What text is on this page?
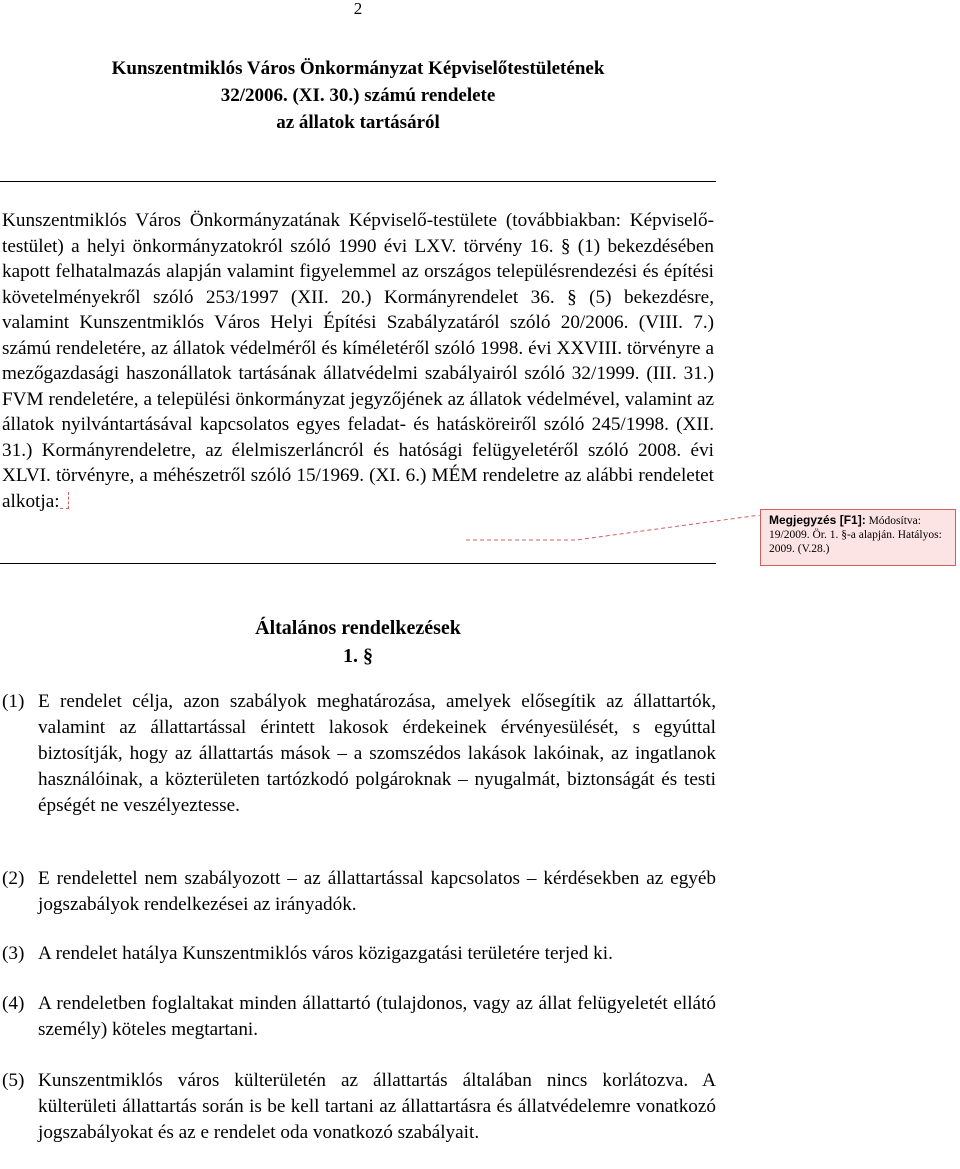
2
Kunszentmiklós Város Önkormányzat Képviselőtestületének
32/2006. (XI. 30.) számú rendelete
az állatok tartásáról

Kunszentmiklós Város Önkormányzatának Képviselő-testülete (továbbiakban: Képviselő-testület) a helyi önkormányzatokról szóló 1990 évi LXV. törvény 16. § (1) bekezdésében kapott felhatalmazás alapján valamint figyelemmel az országos településrendezési és építési követelményekről szóló 253/1997 (XII. 20.) Kormányrendelet 36. § (5) bekezdésre, valamint Kunszentmiklós Város Helyi Építési Szabályzatáról szóló 20/2006. (VIII. 7.) számú rendeletére, az állatok védelméről és kíméletéről szóló 1998. évi XXVIII. törvényre a mezőgazdasági haszonállatok tartásának állatvédelmi szabályairól szóló 32/1999. (III. 31.) FVM rendeletére, a települési önkormányzat jegyzőjének az állatok védelmével, valamint az állatok nyilvántartásával kapcsolatos egyes feladat- és hatásköreiről szóló 245/1998. (XII. 31.) Kormányrendeletre, az élelmiszerláncról és hatósági felügyeletéről szóló 2008. évi XLVI. törvényre, a méhészetről szóló 15/1969. (XI. 6.) MÉM rendeletre az alábbi rendeletet alkotja:

Megjegyzés [F1]: Módosítva: 19/2009. Ör. 1. §-a alapján. Hatályos: 2009. (V.28.)
Általános rendelkezések
1. §
(1) E rendelet célja, azon szabályok meghatározása, amelyek elősegítik az állattartók, valamint az állattartással érintett lakosok érdekeinek érvényesülését, s egyúttal biztosítják, hogy az állattartás mások – a szomszédos lakások lakóinak, az ingatlanok használóinak, a közterületen tartózkodó polgároknak – nyugalmát, biztonságát és testi épségét ne veszélyeztesse.
(2) E rendelettel nem szabályozott – az állattartással kapcsolatos – kérdésekben az egyéb jogszabályok rendelkezései az irányadók.
(3) A rendelet hatálya Kunszentmiklós város közigazgatási területére terjed ki.
(4) A rendeletben foglaltakat minden állattartó (tulajdonos, vagy az állat felügyeletét ellátó személy) köteles megtartani.
(5) Kunszentmiklós város külterületén az állattartás általában nincs korlátozva. A külterületi állattartás során is be kell tartani az állattartásra és állatvédelemre vonatkozó jogszabályokat és az e rendelet oda vonatkozó szabályait.
